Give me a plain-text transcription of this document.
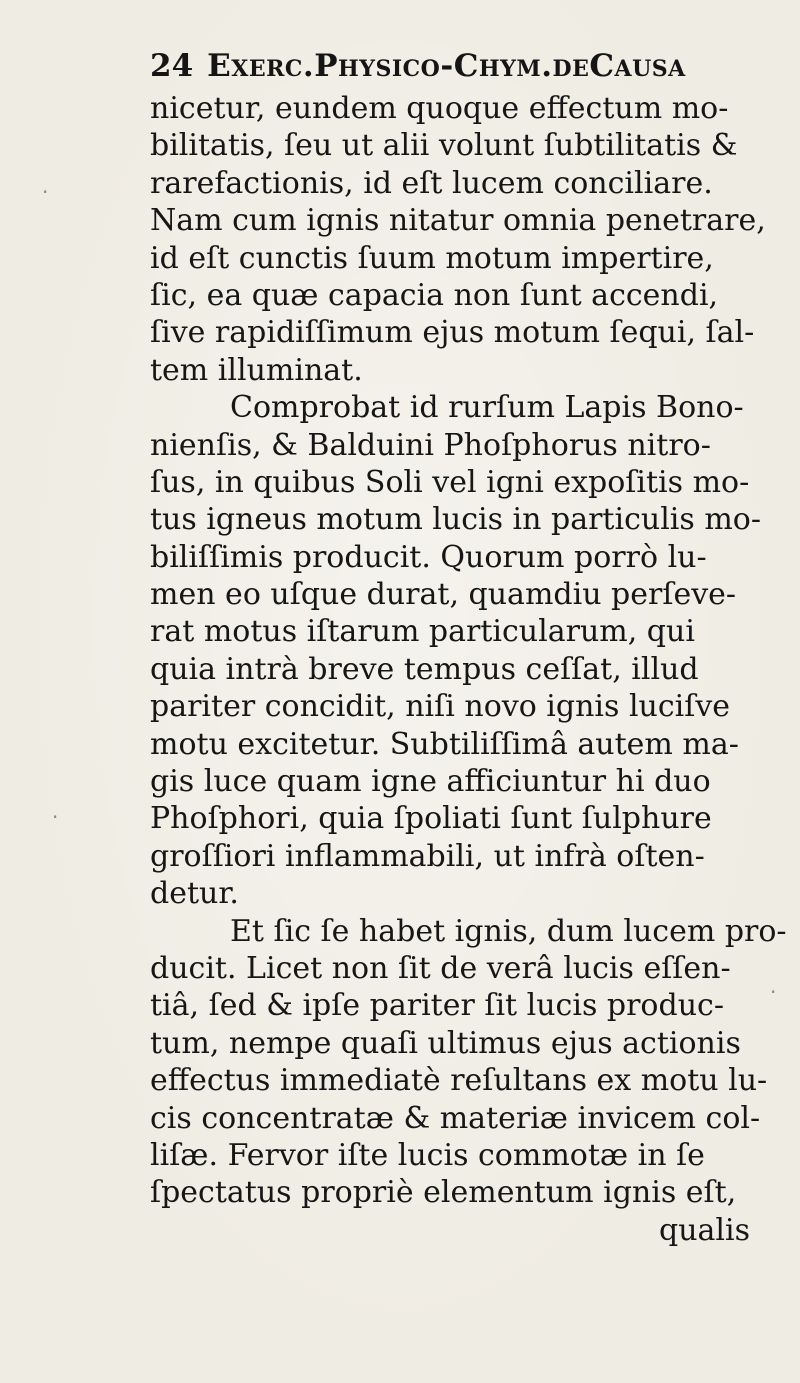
24 Exerc.Physico-Chym.deCausa
nicetur, eundem quoque effectum mo-
bilitatis, ſeu ut alii volunt ſubtilitatis &
rarefactionis, id eſt lucem conciliare.
Nam cum ignis nitatur omnia penetrare,
id eſt cunctis ſuum motum impertire,
ſic, ea quæ capacia non ſunt accendi,
ſive rapidiſſimum ejus motum ſequi, ſal-
tem illuminat.
Comprobat id rurſum Lapis Bono-
nienſis, & Balduini Phoſphorus nitro-
ſus, in quibus Soli vel igni expoſitis mo-
tus igneus motum lucis in particulis mo-
biliſſimis producit. Quorum porrò lu-
men eo uſque durat, quamdiu perſeve-
rat motus iſtarum particularum, qui
quia intrà breve tempus ceſſat, illud
pariter concidit, niſi novo ignis luciſve
motu excitetur. Subtiliſſimâ autem ma-
gis luce quam igne afficiuntur hi duo
Phoſphori, quia ſpoliati ſunt ſulphure
groſſiori inflammabili, ut infrà oſten-
detur.
Et ſic ſe habet ignis, dum lucem pro-
ducit. Licet non ſit de verâ lucis eſſen-
tiâ, ſed & ipſe pariter ſit lucis produc-
tum, nempe quaſi ultimus ejus actionis
effectus immediatè reſultans ex motu lu-
cis concentratæ & materiæ invicem col-
liſæ. Fervor iſte lucis commotæ in ſe
ſpectatus propriè elementum ignis eſt,
qualis
·
·
·
